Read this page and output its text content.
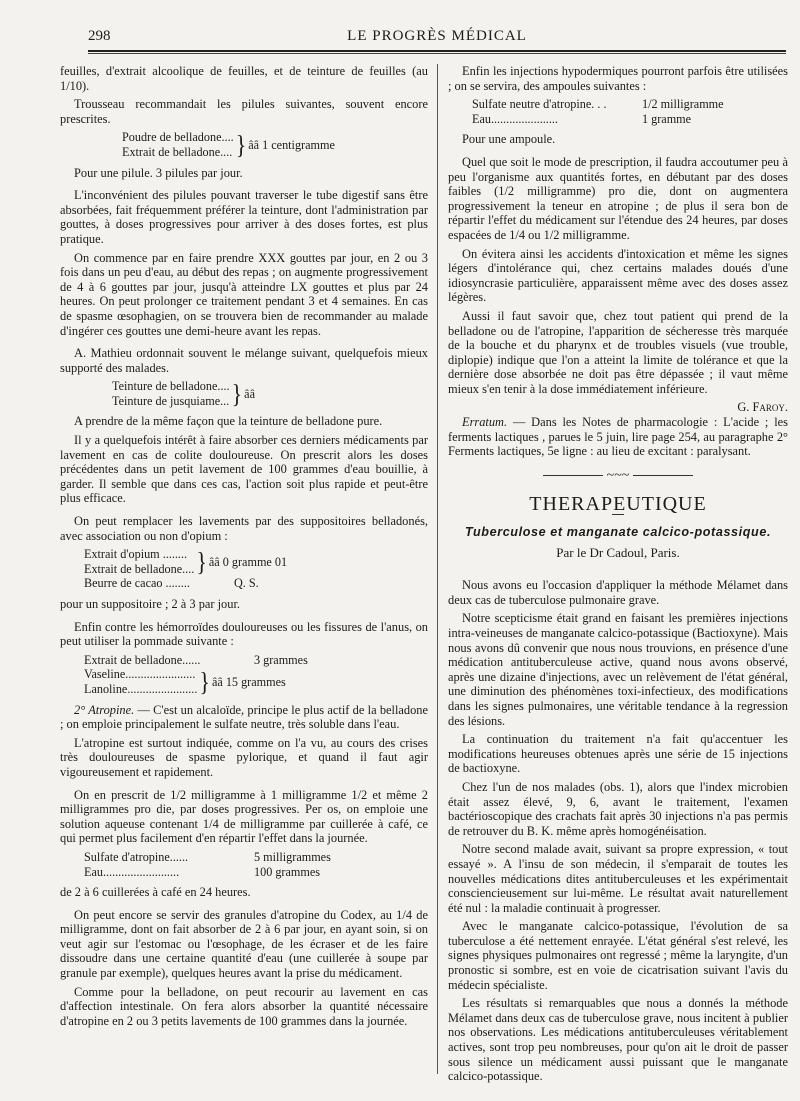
298	LE PROGRÈS MÉDICAL

feuilles, d'extrait alcoolique de feuilles, et de teinture de feuilles (au 1/10).

Trousseau recommandait les pilules suivantes, souvent encore prescrites.

Poudre de belladone....
Extrait de belladone.... } ââ 1 centigramme

Pour une pilule. 3 pilules par jour.

L'inconvénient des pilules pouvant traverser le tube digestif sans être absorbées, fait fréquemment préférer la teinture, dont l'administration par gouttes, à doses progressives pour arriver à des doses fortes, est plus pratique.

On commence par en faire prendre XXX gouttes par jour, en 2 ou 3 fois dans un peu d'eau, au début des repas ; on augmente progressivement de 4 à 6 gouttes par jour, jusqu'à atteindre LX gouttes et plus par 24 heures. On peut prolonger ce traitement pendant 3 et 4 semaines. En cas de spasme œsophagien, on se trouvera bien de recommander au malade d'ingérer ces gouttes une demi-heure avant les repas.

A. Mathieu ordonnait souvent le mélange suivant, quelquefois mieux supporté des malades.

Teinture de belladone....
Teinture de jusquiame... } ââ

A prendre de la même façon que la teinture de belladone pure.

Il y a quelquefois intérêt à faire absorber ces derniers médicaments par lavement en cas de colite douloureuse. On prescrit alors les doses précédentes dans un petit lavement de 100 grammes d'eau bouillie, à garder. Il semble que dans ces cas, l'action soit plus rapide et peut-être plus efficace.

On peut remplacer les lavements par des suppositoires belladonés, avec association ou non d'opium :

Extrait d'opium ........
Extrait de belladone.... } ââ 0 gramme 01
Beurre de cacao ........	Q. S.

pour un suppositoire ; 2 à 3 par jour.

Enfin contre les hémorroïdes douloureuses ou les fissures de l'anus, on peut utiliser la pommade suivante :

Extrait de belladone......	3 grammes
Vaseline.......................
Lanoline....................... } ââ 15 grammes

2° Atropine. — C'est un alcaloïde, principe le plus actif de la belladone ; on emploie principalement le sulfate neutre, très soluble dans l'eau.

L'atropine est surtout indiquée, comme on l'a vu, au cours des crises très douloureuses de spasme pylorique, et quand il faut agir vigoureusement et rapidement.

On en prescrit de 1/2 milligramme à 1 milligramme 1/2 et même 2 milligrammes pro die, par doses progressives. Per os, on emploie une solution aqueuse contenant 1/4 de milligramme par cuillerée à café, ce qui permet plus facilement d'en répartir l'effet dans la journée.

Sulfate d'atropine......	5 milligrammes
Eau.........................	100 grammes

de 2 à 6 cuillerées à café en 24 heures.

On peut encore se servir des granules d'atropine du Codex, au 1/4 de milligramme, dont on fait absorber de 2 à 6 par jour, en ayant soin, si on veut agir sur l'estomac ou l'œsophage, de les écraser et de les faire dissoudre dans une certaine quantité d'eau (une cuillerée à soupe par granule par exemple), quelques heures avant la prise du médicament.

Comme pour la belladone, on peut recourir au lavement en cas d'affection intestinale. On fera alors absorber la quantité nécessaire d'atropine en 2 ou 3 petits lavements de 100 grammes dans la journée.

Enfin les injections hypodermiques pourront parfois être utilisées ; on se servira, des ampoules suivantes :

Sulfate neutre d'atropine. . .	1/2 milligramme
Eau......................	1 gramme

Pour une ampoule.

Quel que soit le mode de prescription, il faudra accoutumer peu à peu l'organisme aux quantités fortes, en débutant par des doses faibles (1/2 milligramme) pro die, dont on augmentera progressivement la teneur en atropine ; de plus il sera bon de répartir l'effet du médicament sur l'étendue des 24 heures, par doses espacées de 1/4 ou 1/2 milligramme.

On évitera ainsi les accidents d'intoxication et même les signes légers d'intolérance qui, chez certains malades doués d'une idiosyncrasie particulière, apparaissent même avec des doses assez légères.

Aussi il faut savoir que, chez tout patient qui prend de la belladone ou de l'atropine, l'apparition de sécheresse très marquée de la bouche et du pharynx et de troubles visuels (vue trouble, diplopie) indique que l'on a atteint la limite de tolérance et que la dernière dose absorbée ne doit pas être dépassée ; il vaut même mieux s'en tenir à la dose immédiatement inférieure.

G. Faroy.

Erratum. — Dans les Notes de pharmacologie : L'acide ; les ferments lactiques , parues le 5 juin, lire page 254, au paragraphe 2° Ferments lactiques, 5e ligne : au lieu de excitant : paralysant.

~~~
THERAPEUTIQUE
Tuberculose et manganate calcico-potassique.
Par le Dr Cadoul, Paris.

Nous avons eu l'occasion d'appliquer la méthode Mélamet dans deux cas de tuberculose pulmonaire grave.

Notre scepticisme était grand en faisant les premières injections intra-veineuses de manganate calcico-potassique (Bactioxyne). Mais nous avons dû convenir que nous nous trouvions, en présence d'une médication antituberculeuse active, quand nous avons observé, après une dizaine d'injections, avec un relèvement de l'état général, une diminution des phénomènes toxi-infectieux, des modifications dans les signes pulmonaires, une véritable tendance à la regression des lésions.

La continuation du traitement n'a fait qu'accentuer les modifications heureuses obtenues après une série de 15 injections de bactioxyne.

Chez l'un de nos malades (obs. 1), alors que l'index microbien était assez élevé, 9, 6, avant le traitement, l'examen bactérioscopique des crachats fait après 30 injections n'a pas permis de retrouver du B. K. même après homogénéisation.

Notre second malade avait, suivant sa propre expression, « tout essayé ». A l'insu de son médecin, il s'emparait de toutes les nouvelles médications dites antituberculeuses et les expérimentait consciencieusement sur lui-même. Le résultat avait naturellement été nul : la maladie continuait à progresser.

Avec le manganate calcico-potassique, l'évolution de sa tuberculose a été nettement enrayée. L'état général s'est relevé, les signes physiques pulmonaires ont regressé ; même la laryngite, d'un pronostic si sombre, est en voie de cicatrisation suivant l'avis du médecin spécialiste.

Les résultats si remarquables que nous a donnés la méthode Mélamet dans deux cas de tuberculose grave, nous incitent à publier nos observations. Les médications antituberculeuses véritablement actives, sont trop peu nombreuses, pour qu'on ait le droit de passer sous silence un médicament aussi puissant que le manganate calcico-potassique.
